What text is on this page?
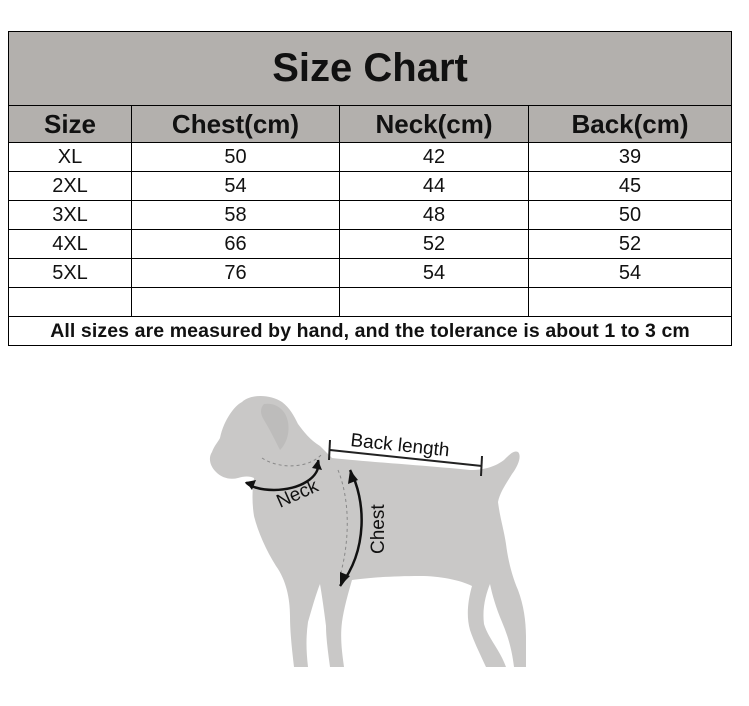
Size Chart			
Size	Chest(cm)	Neck(cm)	Back(cm)
XL	50	42	39
2XL	54	44	45
3XL	58	48	50
4XL	66	52	52
5XL	76	54	54

All sizes are measured by hand, and the tolerance is about 1 to 3 cm			
Back length
Neck
Chest
